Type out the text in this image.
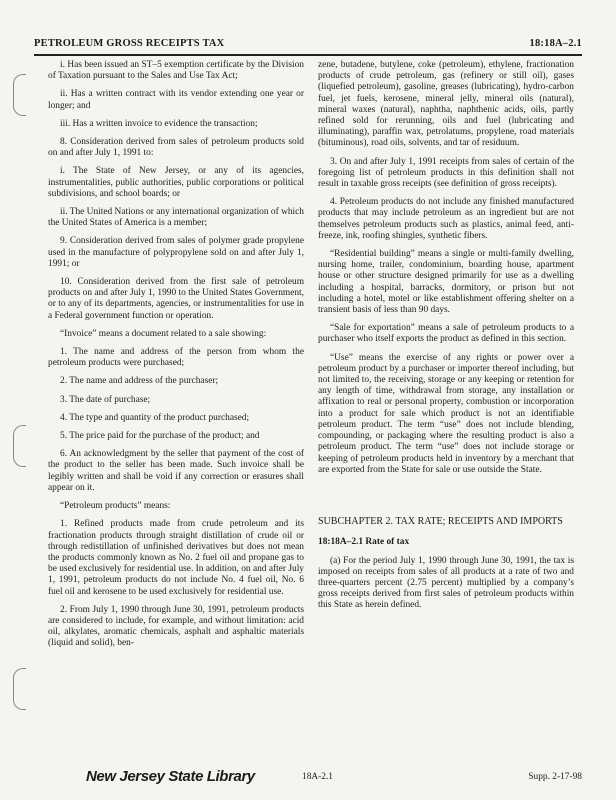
PETROLEUM GROSS RECEIPTS TAX	18:18A–2.1

i. Has been issued an ST–5 exemption certificate by the Division of Taxation pursuant to the Sales and Use Tax Act;

ii. Has a written contract with its vendor extending one year or longer; and

iii. Has a written invoice to evidence the transaction;

8. Consideration derived from sales of petroleum products sold on and after July 1, 1991 to:

i. The State of New Jersey, or any of its agencies, instrumentalities, public authorities, public corporations or political subdivisions, and school boards; or

ii. The United Nations or any international organization of which the United States of America is a member;

9. Consideration derived from sales of polymer grade propylene used in the manufacture of polypropylene sold on and after July 1, 1991; or

10. Consideration derived from the first sale of petroleum products on and after July 1, 1990 to the United States Government, or to any of its departments, agencies, or instrumentalities for use in a Federal government function or operation.

“Invoice” means a document related to a sale showing:

1. The name and address of the person from whom the petroleum products were purchased;

2. The name and address of the purchaser;

3. The date of purchase;

4. The type and quantity of the product purchased;

5. The price paid for the purchase of the product; and

6. An acknowledgment by the seller that payment of the cost of the product to the seller has been made. Such invoice shall be legibly written and shall be void if any correction or erasures shall appear on it.

“Petroleum products” means:

1. Refined products made from crude petroleum and its fractionation products through straight distillation of crude oil or through redistillation of unfinished derivatives but does not mean the products commonly known as No. 2 fuel oil and propane gas to be used exclusively for residential use. In addition, on and after July 1, 1991, petroleum products do not include No. 4 fuel oil, No. 6 fuel oil and kerosene to be used exclusively for residential use.

2. From July 1, 1990 through June 30, 1991, petroleum products are considered to include, for example, and without limitation: acid oil, alkylates, aromatic chemicals, asphalt and asphaltic materials (liquid and solid), ben-

zene, butadene, butylene, coke (petroleum), ethylene, fractionation products of crude petroleum, gas (refinery or still oil), gases (liquefied petroleum), gasoline, greases (lubricating), hydro-carbon fuel, jet fuels, kerosene, mineral jelly, mineral oils (natural), mineral waxes (natural), naphtha, naphthenic acids, oils, partly refined sold for rerunning, oils and fuel (lubricating and illuminating), paraffin wax, petrolatums, propylene, road materials (bituminous), road oils, solvents, and tar of residuum.

3. On and after July 1, 1991 receipts from sales of certain of the foregoing list of petroleum products in this definition shall not result in taxable gross receipts (see definition of gross receipts).

4. Petroleum products do not include any finished manufactured products that may include petroleum as an ingredient but are not themselves petroleum products such as plastics, animal feed, anti-freeze, ink, roofing shingles, synthetic fibers.

“Residential building” means a single or multi-family dwelling, nursing home, trailer, condominium, boarding house, apartment house or other structure designed primarily for use as a dwelling including a hospital, barracks, dormitory, or prison but not including a hotel, motel or like establishment offering shelter on a transient basis of less than 90 days.

“Sale for exportation” means a sale of petroleum products to a purchaser who itself exports the product as defined in this section.

“Use” means the exercise of any rights or power over a petroleum product by a purchaser or importer thereof including, but not limited to, the receiving, storage or any keeping or retention for any length of time, withdrawal from storage, any installation or affixation to real or personal property, combustion or incorporation into a product for sale which product is not an identifiable petroleum product. The term “use” does not include blending, compounding, or packaging where the resulting product is also a petroleum product. The term “use” does not include storage or keeping of petroleum products held in inventory by a merchant that are exported from the State for sale or use outside the State.

SUBCHAPTER 2. TAX RATE; RECEIPTS AND IMPORTS

18:18A–2.1 Rate of tax

(a) For the period July 1, 1990 through June 30, 1991, the tax is imposed on receipts from sales of all products at a rate of two and three-quarters percent (2.75 percent) multiplied by a company’s gross receipts derived from first sales of petroleum products within this State as herein defined.

New Jersey State Library	18A-2.1	Supp. 2-17-98
